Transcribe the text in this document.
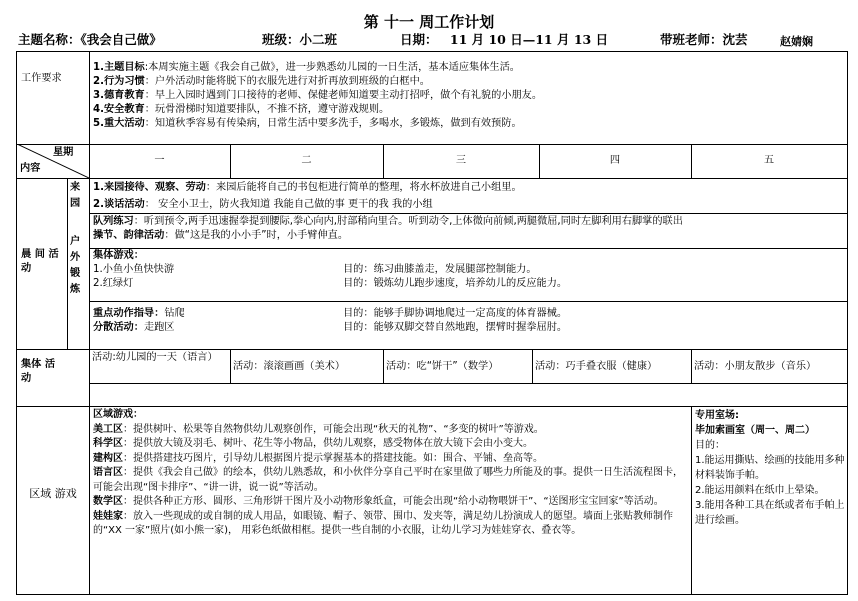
第 十一 周工作计划
主题名称：《我会自己做》	班级：小二班	日期： 11 月 10 日—11 月 13 日	带班老师：沈芸	赵婧娴
工作要求

1.主题目标:本周实施主题《我会自己做》，进一步熟悉幼儿园的一日生活，基本适应集体生活。

2.行为习惯：户外活动时能将脱下的衣服先进行对折再放到班级的白框中。

3.德育教育：早上入园时遇到门口接待的老师、保健老师知道要主动打招呼，做个有礼貌的小朋友。

4.安全教育：玩骨滑梯时知道要排队，不推不挤，遵守游戏规则。

5.重大活动：知道秋季容易有传染病，日常生活中要多洗手，多喝水，多锻炼，做到有效预防。

星期
内容
一	二	三	四	五
晨 间 活动
来 园

1.来园接待、观察、劳动：来园后能将自己的书包柜进行简单的整理，将水杯放进自己小组里。

2.谈话活动： 安全小卫士，防火我知道 我能自己做的事 更干的我 我的小组

户 外 锻 炼

队列练习：听到预令,两手迅速握拳提到腰际,拳心向内,肘部稍向里合。听到动令,上体微向前倾,两腿微屈,同时左脚利用右脚掌的联出

操节、韵律活动：做“这是我的小小手”时，小手臂伸直。

集体游戏：

1.小鱼小鱼快快游	目的：练习曲膝盖走，发展腿部控制能力。

2.红绿灯	目的：锻炼幼儿跑步速度，培养幼儿的反应能力。

重点动作指导：钻爬	目的：能够手脚协调地爬过一定高度的体育器械。

分散活动：走跑区	目的：能够双脚交替自然地跑，摆臂时握拳屈肘。

集体 活动
活动:幼儿园的一天（语言）
活动：滚滚画画（美术）	活动：吃“饼干”（数学）	活动：巧手叠衣服（健康）	活动：小朋友散步（音乐）
区域 游戏

区域游戏：

美工区：提供树叶、松果等自然物供幼儿观察创作，可能会出现“秋天的礼物”、“多变的树叶”等游戏。

科学区：提供放大镜及羽毛、树叶、花生等小物品，供幼儿观察，感受物体在放大镜下会由小变大。

建构区：提供搭建技巧图片，引导幼儿根据图片提示掌握基本的搭建技能。如：围合、平铺、垒高等。

语言区：提供《我会自己做》的绘本，供幼儿熟悉故，和小伙伴分享自己平时在家里做了哪些力所能及的事。提供一日生活流程图卡，可能会出现“图卡排序”、“讲一讲，说一说”等活动。

数学区：提供各种正方形、圆形、三角形饼干图片及小动物形象纸盒，可能会出现“给小动物喂饼干”、“送图形宝宝回家”等活动。

娃娃家：放入一些现成的或自制的成人用品，如眼镜、帽子、领带、围巾、发夹等，满足幼儿扮演成人的愿望。墙面上张贴教师制作的“XX 一家”照片(如小熊一家)， 用彩色纸做相框。提供一些自制的小衣服，让幼儿学习为娃娃穿衣、叠衣等。

专用室场:

毕加索画室（周一、周二）

目的：

1.能运用撕贴、绘画的技能用多种材料装饰手帕。

2.能运用颜料在纸巾上晕染。

3.能用各种工具在纸或者布手帕上进行绘画。
